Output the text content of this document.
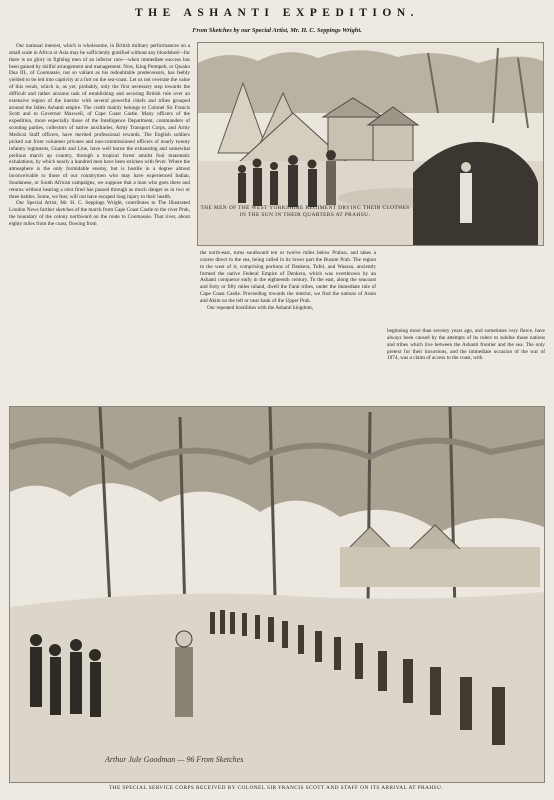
THE ASHANTI EXPEDITION.
From Sketches by our Special Artist, Mr. H. C. Seppings Wright.

Our national interest, which is wholesome, in British military performances on a small scale in Africa or Asia may be sufficiently gratified without any bloodshed—for there is no glory in fighting men of an inferior race—when immediate success has been gained by skilful arrangement and management. Now, King Prempeh, or Qwaku Dua III., of Coomassie, not so valiant as his redoubtable predecessors, has feebly yielded to be led into captivity at a fort on the sea-coast. Let us not overrate the value of this result, which is, as yet, probably, only the first necessary step towards the difficult and rather anxious task of establishing and securing British rule over an extensive region of the interior with several powerful chiefs and tribes grouped around the fallen Ashanti empire. The credit mainly belongs to Colonel Sir Francis Scott and to Governor Maxwell, of Cape Coast Castle. Many officers of the expedition, more especially those of the Intelligence Department, commanders of scouting parties, collectors of native auxiliaries, Army Transport Corps, and Army Medical Staff officers, have merited professional rewards. The English soldiers picked out from volunteer privates and non-commissioned officers of nearly twenty infantry regiments, Guards and Line, have well borne the exhausting and somewhat perilous march up country, through a tropical forest amidst foul miasmatic exhalations, by which nearly a hundred men have been stricken with fever. Where the atmosphere is the only formidable enemy, but is hostile in a degree almost inconceivable to those of our countrymen who may have experienced Indian, Soudanese, or South African campaigns, we suppose that a man who goes there and returns without hearing a shot fired has passed through as much danger as in two or three battles. Some, we fear, will not have escaped long injury to their health.

Our Special Artist, Mr. H. C. Seppings Wright, contributes to The Illustrated London News further sketches of the march from Cape Coast Castle to the river Prah, the boundary of the colony northward on the route to Coomassie. That river, about eighty miles from the coast, flowing from

THE MEN OF THE WEST YORKSHIRE REGIMENT DRYING THEIR CLOTHES IN THE SUN IN THEIR QUARTERS AT PRAHSU.

the north-east, turns southward ten or twelve miles below Prahsu, and takes a course direct to the sea, being called in its lower part the Busum Prah. The region to the west of it, comprising portions of Denkera, Tufel, and Wassau, anciently formed the native Federal Empire of Denkera, which was overthrown by an Ashanti conqueror early in the eighteenth century. To the east, along the seacoast and forty or fifty miles inland, dwell the Fanti tribes, under the immediate rule of Cape Coast Castle. Proceeding towards the interior, we find the nations of Assin and Akim on the left or near bank of the Upper Prah.

Our repeated hostilities with the Ashanti kingdom,

beginning more than seventy years ago, and sometimes very fierce, have always been caused by the attempts of its rulers to subdue those nations and tribes which live between the Ashanti frontier and the sea. The only pretext for their incursions, and the immediate occasion of the war of 1874, was a claim of access to the coast, with

Arthur Jule Goodman — 96 From Sketches
THE SPECIAL SERVICE CORPS RECEIVED BY COLONEL SIR FRANCIS SCOTT AND STAFF ON ITS ARRIVAL AT PRAHSU.
